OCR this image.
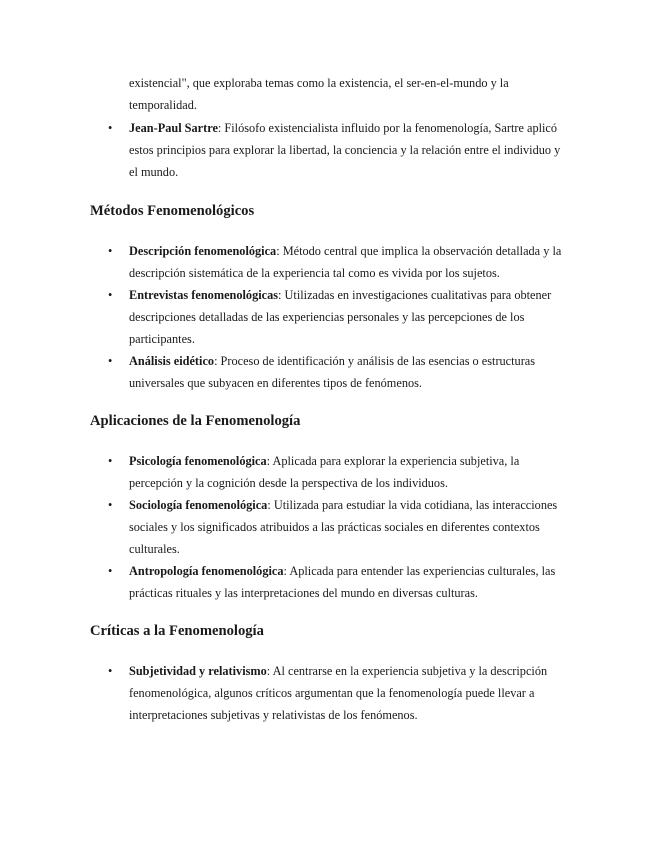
existencial", que exploraba temas como la existencia, el ser-en-el-mundo y la temporalidad.
• Jean-Paul Sartre: Filósofo existencialista influido por la fenomenología, Sartre aplicó estos principios para explorar la libertad, la conciencia y la relación entre el individuo y el mundo.
Métodos Fenomenológicos
• Descripción fenomenológica: Método central que implica la observación detallada y la descripción sistemática de la experiencia tal como es vivida por los sujetos.
• Entrevistas fenomenológicas: Utilizadas en investigaciones cualitativas para obtener descripciones detalladas de las experiencias personales y las percepciones de los participantes.
• Análisis eidético: Proceso de identificación y análisis de las esencias o estructuras universales que subyacen en diferentes tipos de fenómenos.
Aplicaciones de la Fenomenología
• Psicología fenomenológica: Aplicada para explorar la experiencia subjetiva, la percepción y la cognición desde la perspectiva de los individuos.
• Sociología fenomenológica: Utilizada para estudiar la vida cotidiana, las interacciones sociales y los significados atribuidos a las prácticas sociales en diferentes contextos culturales.
• Antropología fenomenológica: Aplicada para entender las experiencias culturales, las prácticas rituales y las interpretaciones del mundo en diversas culturas.
Críticas a la Fenomenología
• Subjetividad y relativismo: Al centrarse en la experiencia subjetiva y la descripción fenomenológica, algunos críticos argumentan que la fenomenología puede llevar a interpretaciones subjetivas y relativistas de los fenómenos.
